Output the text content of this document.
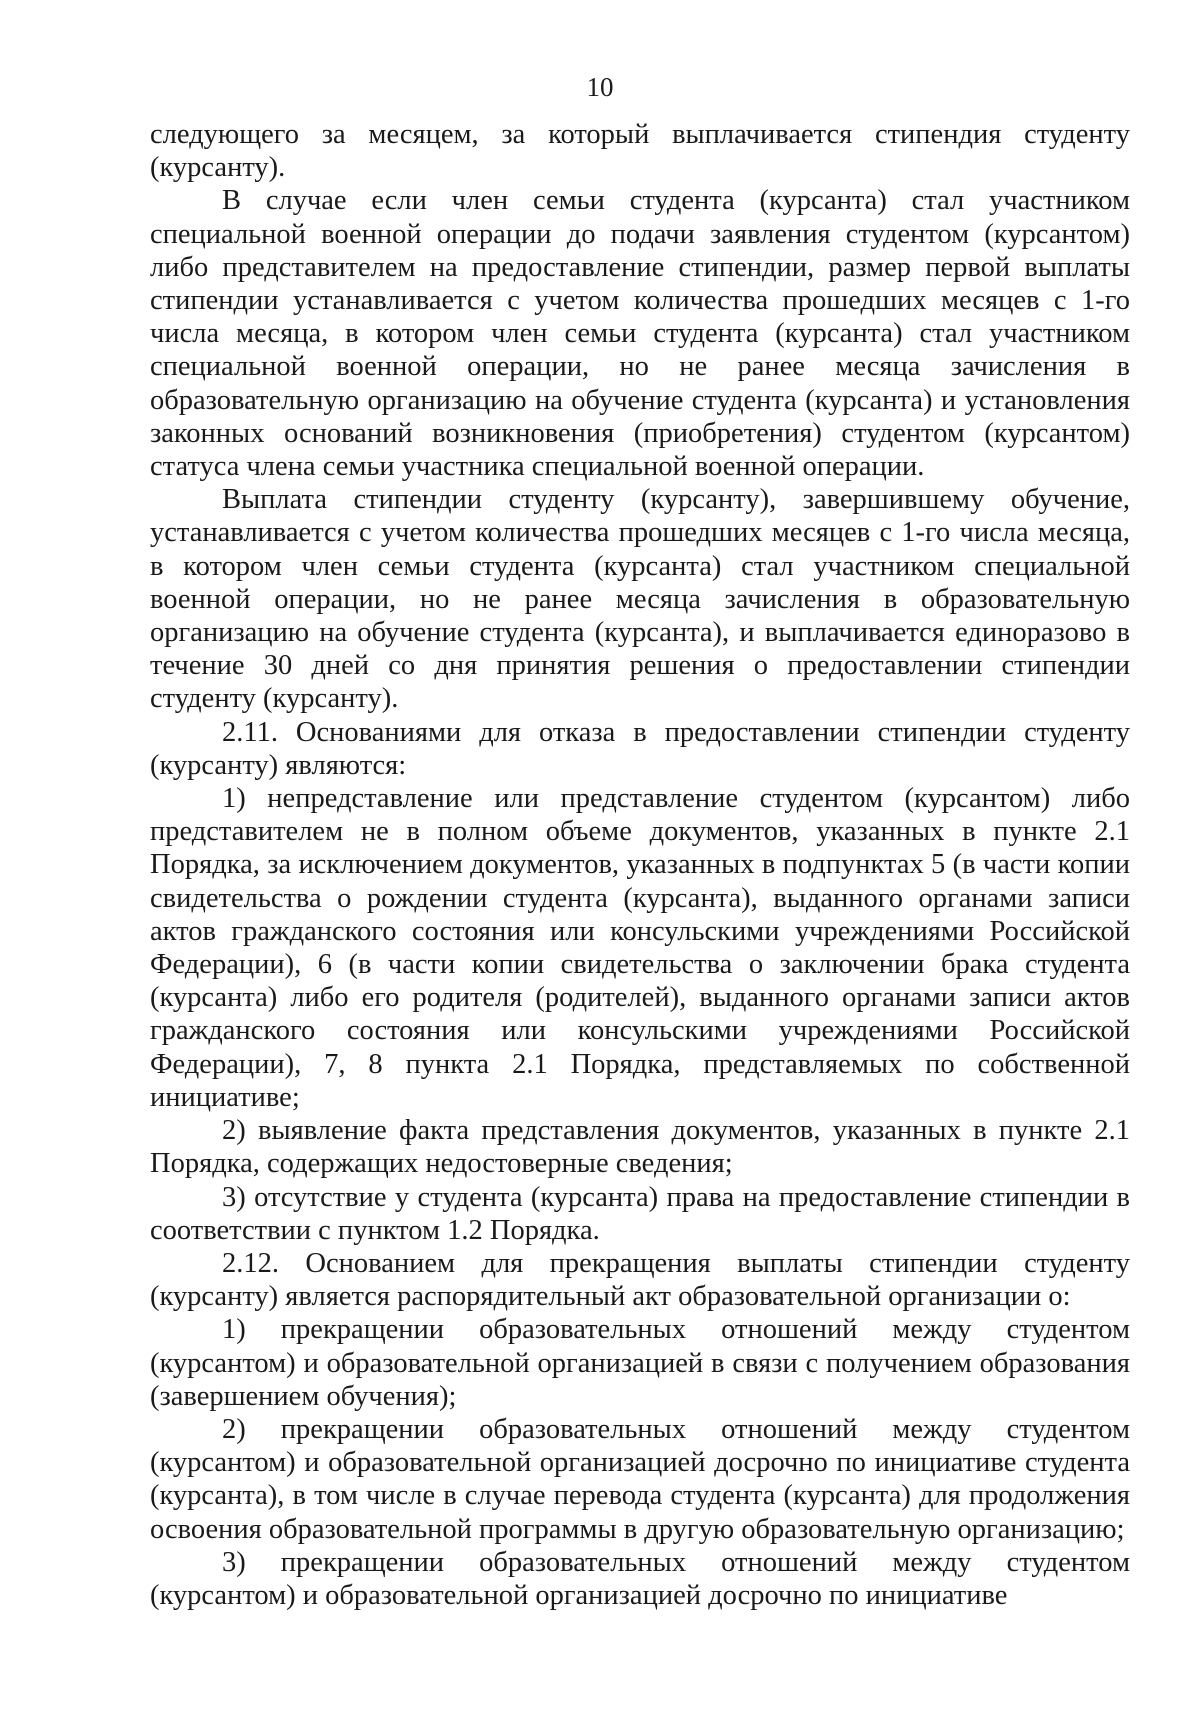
10

следующего за месяцем, за который выплачивается стипендия студенту (курсанту).

В случае если член семьи студента (курсанта) стал участником специальной военной операции до подачи заявления студентом (курсантом) либо представителем на предоставление стипендии, размер первой выплаты стипендии устанавливается с учетом количества прошедших месяцев с 1-го числа месяца, в котором член семьи студента (курсанта) стал участником специальной военной операции, но не ранее месяца зачисления в образовательную организацию на обучение студента (курсанта) и установления законных оснований возникновения (приобретения) студентом (курсантом) статуса члена семьи участника специальной военной операции.

Выплата стипендии студенту (курсанту), завершившему обучение, устанавливается с учетом количества прошедших месяцев с 1-го числа месяца, в котором член семьи студента (курсанта) стал участником специальной военной операции, но не ранее месяца зачисления в образовательную организацию на обучение студента (курсанта), и выплачивается единоразово в течение 30 дней со дня принятия решения о предоставлении стипендии студенту (курсанту).

2.11. Основаниями для отказа в предоставлении стипендии студенту (курсанту) являются:

1) непредставление или представление студентом (курсантом) либо представителем не в полном объеме документов, указанных в пункте 2.1 Порядка, за исключением документов, указанных в подпунктах 5 (в части копии свидетельства о рождении студента (курсанта), выданного органами записи актов гражданского состояния или консульскими учреждениями Российской Федерации), 6 (в части копии свидетельства о заключении брака студента (курсанта) либо его родителя (родителей), выданного органами записи актов гражданского состояния или консульскими учреждениями Российской Федерации), 7, 8 пункта 2.1 Порядка, представляемых по собственной инициативе;

2) выявление факта представления документов, указанных в пункте 2.1 Порядка, содержащих недостоверные сведения;

3) отсутствие у студента (курсанта) права на предоставление стипендии в соответствии с пунктом 1.2 Порядка.

2.12. Основанием для прекращения выплаты стипендии студенту (курсанту) является распорядительный акт образовательной организации о:

1) прекращении образовательных отношений между студентом (курсантом) и образовательной организацией в связи с получением образования (завершением обучения);

2) прекращении образовательных отношений между студентом (курсантом) и образовательной организацией досрочно по инициативе студента (курсанта), в том числе в случае перевода студента (курсанта) для продолжения освоения образовательной программы в другую образовательную организацию;

3) прекращении образовательных отношений между студентом (курсантом) и образовательной организацией досрочно по инициативе
